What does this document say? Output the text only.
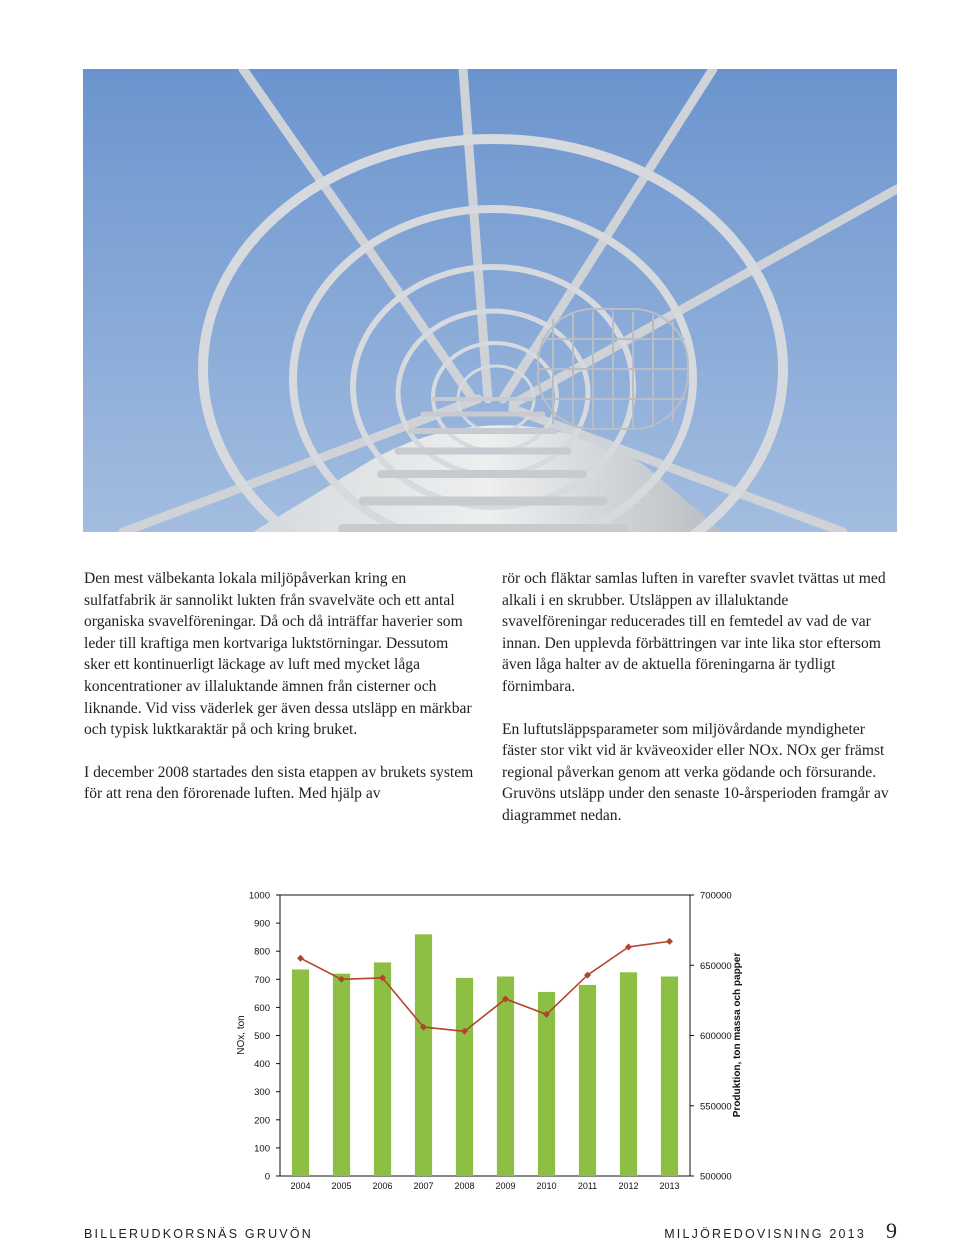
Den mest välbekanta lokala miljöpåverkan kring en sulfatfabrik är sannolikt lukten från svavelväte och ett antal organiska svavelföreningar. Då och då inträffar haverier som leder till kraftiga men kortvariga luktstörningar. Dessutom sker ett kontinuerligt läckage av luft med mycket låga koncentrationer av illaluktande ämnen från cisterner och liknande. Vid viss väderlek ger även dessa utsläpp en märkbar och typisk luktkaraktär på och kring bruket.

I december 2008 startades den sista etappen av brukets system för att rena den förorenade luften. Med hjälp av

rör och fläktar samlas luften in varefter svavlet tvättas ut med alkali i en skrubber. Utsläppen av illaluktande svavelföreningar reducerades till en femtedel av vad de var innan. Den upplevda förbättringen var inte lika stor eftersom även låga halter av de aktuella föreningarna är tydligt förnimbara.

En luftutsläppsparameter som miljövårdande myndigheter fäster stor vikt vid är kväveoxider eller NOx. NOx ger främst regional påverkan genom att verka gödande och försurande. Gruvöns utsläpp under den senaste 10-årsperioden framgår av diagrammet nedan.

1000
900
800
700
600
500
400
300
200
100
0
700000
650000
600000
550000
500000
2004 2005 2006 2007 2008 2009 2010 2011 2012 2013
NOx, ton	Produktion, ton massa och papper
BILLERUDKORSNÄS GRUVÖN	MILJÖREDOVISNING 2013 9
